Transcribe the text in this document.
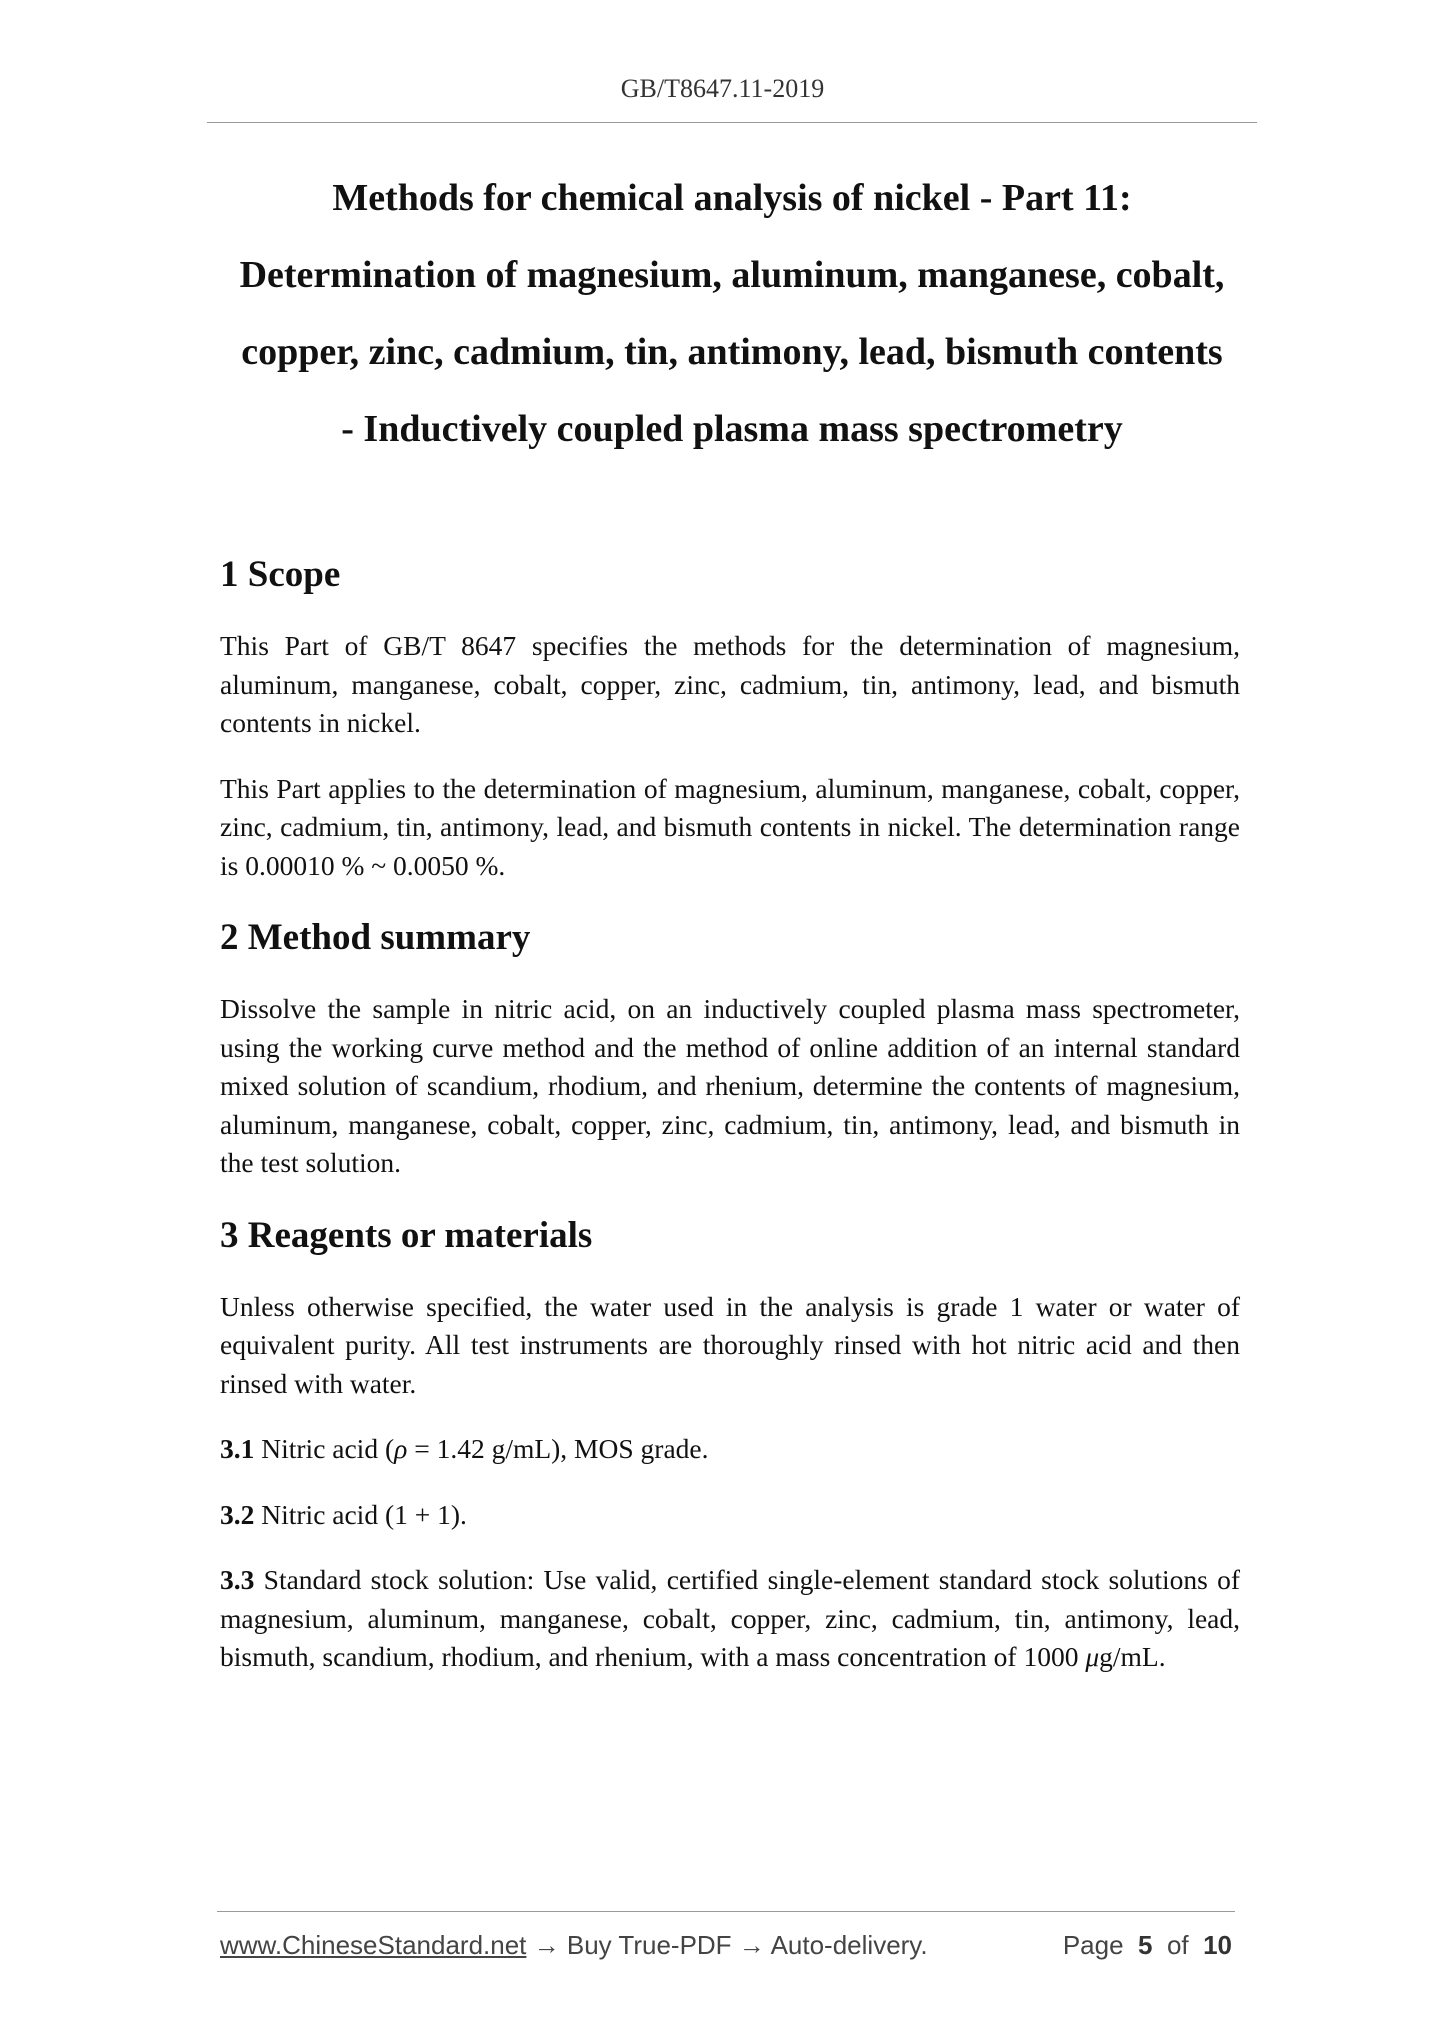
GB/T8647.11-2019
Methods for chemical analysis of nickel - Part 11:
Determination of magnesium, aluminum, manganese, cobalt,
copper, zinc, cadmium, tin, antimony, lead, bismuth contents
- Inductively coupled plasma mass spectrometry
1 Scope

This Part of GB/T 8647 specifies the methods for the determination of magnesium, aluminum, manganese, cobalt, copper, zinc, cadmium, tin, antimony, lead, and bismuth contents in nickel.

This Part applies to the determination of magnesium, aluminum, manganese, cobalt, copper, zinc, cadmium, tin, antimony, lead, and bismuth contents in nickel. The determination range is 0.00010 % ~ 0.0050 %.

2 Method summary

Dissolve the sample in nitric acid, on an inductively coupled plasma mass spectrometer, using the working curve method and the method of online addition of an internal standard mixed solution of scandium, rhodium, and rhenium, determine the contents of magnesium, aluminum, manganese, cobalt, copper, zinc, cadmium, tin, antimony, lead, and bismuth in the test solution.

3 Reagents or materials

Unless otherwise specified, the water used in the analysis is grade 1 water or water of equivalent purity. All test instruments are thoroughly rinsed with hot nitric acid and then rinsed with water.

3.1 Nitric acid (ρ = 1.42 g/mL), MOS grade.

3.2 Nitric acid (1 + 1).

3.3 Standard stock solution: Use valid, certified single-element standard stock solutions of magnesium, aluminum, manganese, cobalt, copper, zinc, cadmium, tin, antimony, lead, bismuth, scandium, rhodium, and rhenium, with a mass concentration of 1000 μg/mL.

www.ChineseStandard.net → Buy True-PDF → Auto-delivery.	Page 5 of 10
